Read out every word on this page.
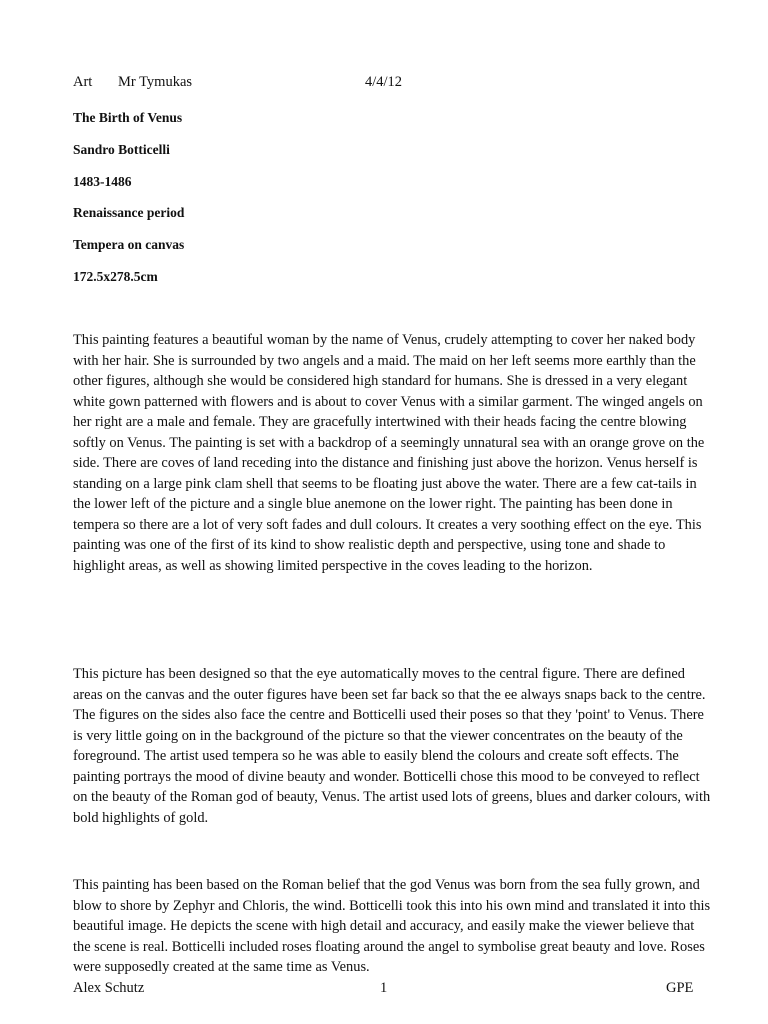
Art Mr Tymukas	4/4/12
The Birth of Venus
Sandro Botticelli
1483-1486
Renaissance period
Tempera on canvas
172.5x278.5cm

This painting features a beautiful woman by the name of Venus, crudely attempting to cover her naked body with her hair. She is surrounded by two angels and a maid. The maid on her left seems more earthly than the other figures, although she would be considered high standard for humans. She is dressed in a very elegant white gown patterned with flowers and is about to cover Venus with a similar garment. The winged angels on her right are a male and female. They are gracefully intertwined with their heads facing the centre blowing softly on Venus. The painting is set with a backdrop of a seemingly unnatural sea with an orange grove on the side. There are coves of land receding into the distance and finishing just above the horizon. Venus herself is standing on a large pink clam shell that seems to be floating just above the water. There are a few cat-tails in the lower left of the picture and a single blue anemone on the lower right. The painting has been done in tempera so there are a lot of very soft fades and dull colours. It creates a very soothing effect on the eye. This painting was one of the first of its kind to show realistic depth and perspective, using tone and shade to highlight areas, as well as showing limited perspective in the coves leading to the horizon.

This picture has been designed so that the eye automatically moves to the central figure. There are defined areas on the canvas and the outer figures have been set far back so that the ee always snaps back to the centre. The figures on the sides also face the centre and Botticelli used their poses so that they 'point' to Venus. There is very little going on in the background of the picture so that the viewer concentrates on the beauty of the foreground. The artist used tempera so he was able to easily blend the colours and create soft effects. The painting portrays the mood of divine beauty and wonder. Botticelli chose this mood to be conveyed to reflect on the beauty of the Roman god of beauty, Venus. The artist used lots of greens, blues and darker colours, with bold highlights of gold.

This painting has been based on the Roman belief that the god Venus was born from the sea fully grown, and blow to shore by Zephyr and Chloris, the wind. Botticelli took this into his own mind and translated it into this beautiful image. He depicts the scene with high detail and accuracy, and easily make the viewer believe that the scene is real. Botticelli included roses floating around the angel to symbolise great beauty and love. Roses were supposedly created at the same time as Venus.

Alex Schutz	1	GPE
